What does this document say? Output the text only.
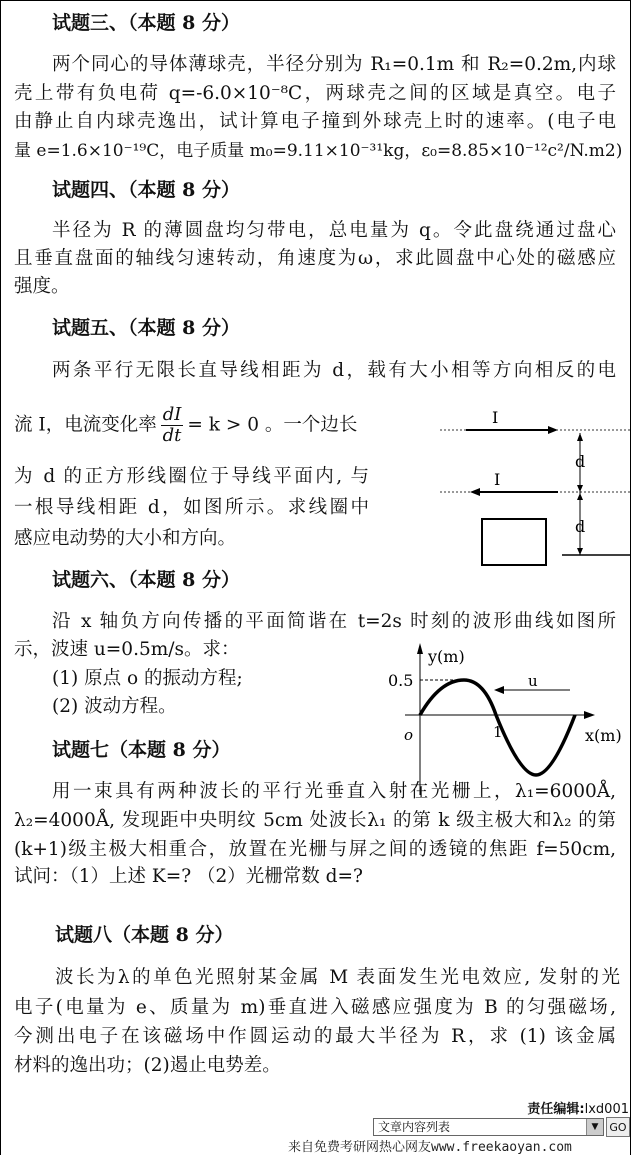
试题三、（本题 8 分）
两个同心的导体薄球壳，半径分别为 R₁=0.1m 和 R₂=0.2m,内球
壳上带有负电荷 q=-6.0×10⁻⁸C，两球壳之间的区域是真空。电子
由静止自内球壳逸出，试计算电子撞到外球壳上时的速率。(电子电
量 e=1.6×10⁻¹⁹C，电子质量 m₀=9.11×10⁻³¹kg，ε₀=8.85×10⁻¹²c²/N.m2)
试题四、（本题 8 分）
半径为 R 的薄圆盘均匀带电，总电量为 q。令此盘绕通过盘心
且垂直盘面的轴线匀速转动，角速度为ω，求此圆盘中心处的磁感应
强度。
试题五、（本题 8 分）
两条平行无限长直导线相距为 d，载有大小相等方向相反的电
流 I，电流变化率 $\frac{dI}{dt} = k > 0$ 。一个边长
为 d 的正方形线圈位于导线平面内, 与
一根导线相距 d，如图所示。求线圈中
感应电动势的大小和方向。
I
I
d
d
试题六、（本题 8 分）
沿 x 轴负方向传播的平面简谐在 t=2s 时刻的波形曲线如图所
示，波速 u=0.5m/s。求：
(1) 原点 o 的振动方程;
(2) 波动方程。
y(m)
x(m)
0.5
o	1
u
试题七（本题 8 分）
用一束具有两种波长的平行光垂直入射在光栅上，λ₁=6000Å,
λ₂=4000Å, 发现距中央明纹 5cm 处波长λ₁ 的第 k 级主极大和λ₂ 的第
(k+1)级主极大相重合，放置在光栅与屏之间的透镜的焦距 f=50cm,
试问：（1）上述 K=? （2）光栅常数 d=?
试题八（本题 8 分）
波长为λ的单色光照射某金属 M 表面发生光电效应, 发射的光
电子(电量为 e、质量为 m)垂直进入磁感应强度为 B 的匀强磁场,
今测出电子在该磁场中作圆运动的最大半径为 R，求 (1) 该金属
材料的逸出功；(2)遏止电势差。
责任编辑:lxd001
文章内容列表	▼ GO
来自免费考研网热心网友www.freekaoyan.com
